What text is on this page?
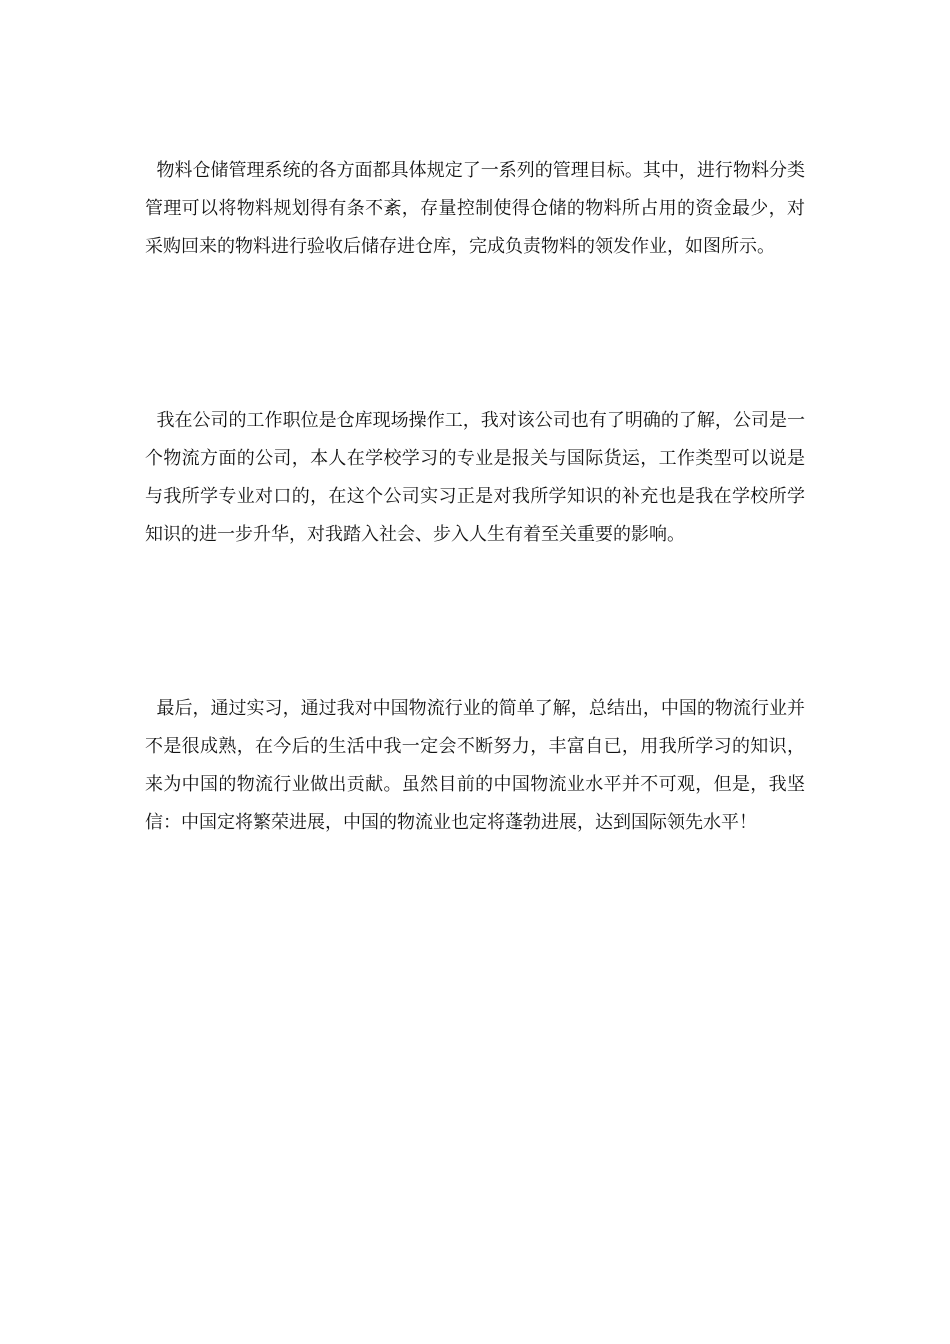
物料仓储管理系统的各方面都具体规定了一系列的管理目标。其中，进行物料分类管理可以将物料规划得有条不紊，存量控制使得仓储的物料所占用的资金最少，对采购回来的物料进行验收后储存进仓库，完成负责物料的领发作业，如图所示。

我在公司的工作职位是仓库现场操作工，我对该公司也有了明确的了解，公司是一个物流方面的公司，本人在学校学习的专业是报关与国际货运，工作类型可以说是与我所学专业对口的，在这个公司实习正是对我所学知识的补充也是我在学校所学知识的进一步升华，对我踏入社会、步入人生有着至关重要的影响。

最后，通过实习，通过我对中国物流行业的简单了解，总结出，中国的物流行业并不是很成熟，在今后的生活中我一定会不断努力，丰富自已，用我所学习的知识，来为中国的物流行业做出贡献。虽然目前的中国物流业水平并不可观，但是，我坚信：中国定将繁荣进展，中国的物流业也定将蓬勃进展，达到国际领先水平！
